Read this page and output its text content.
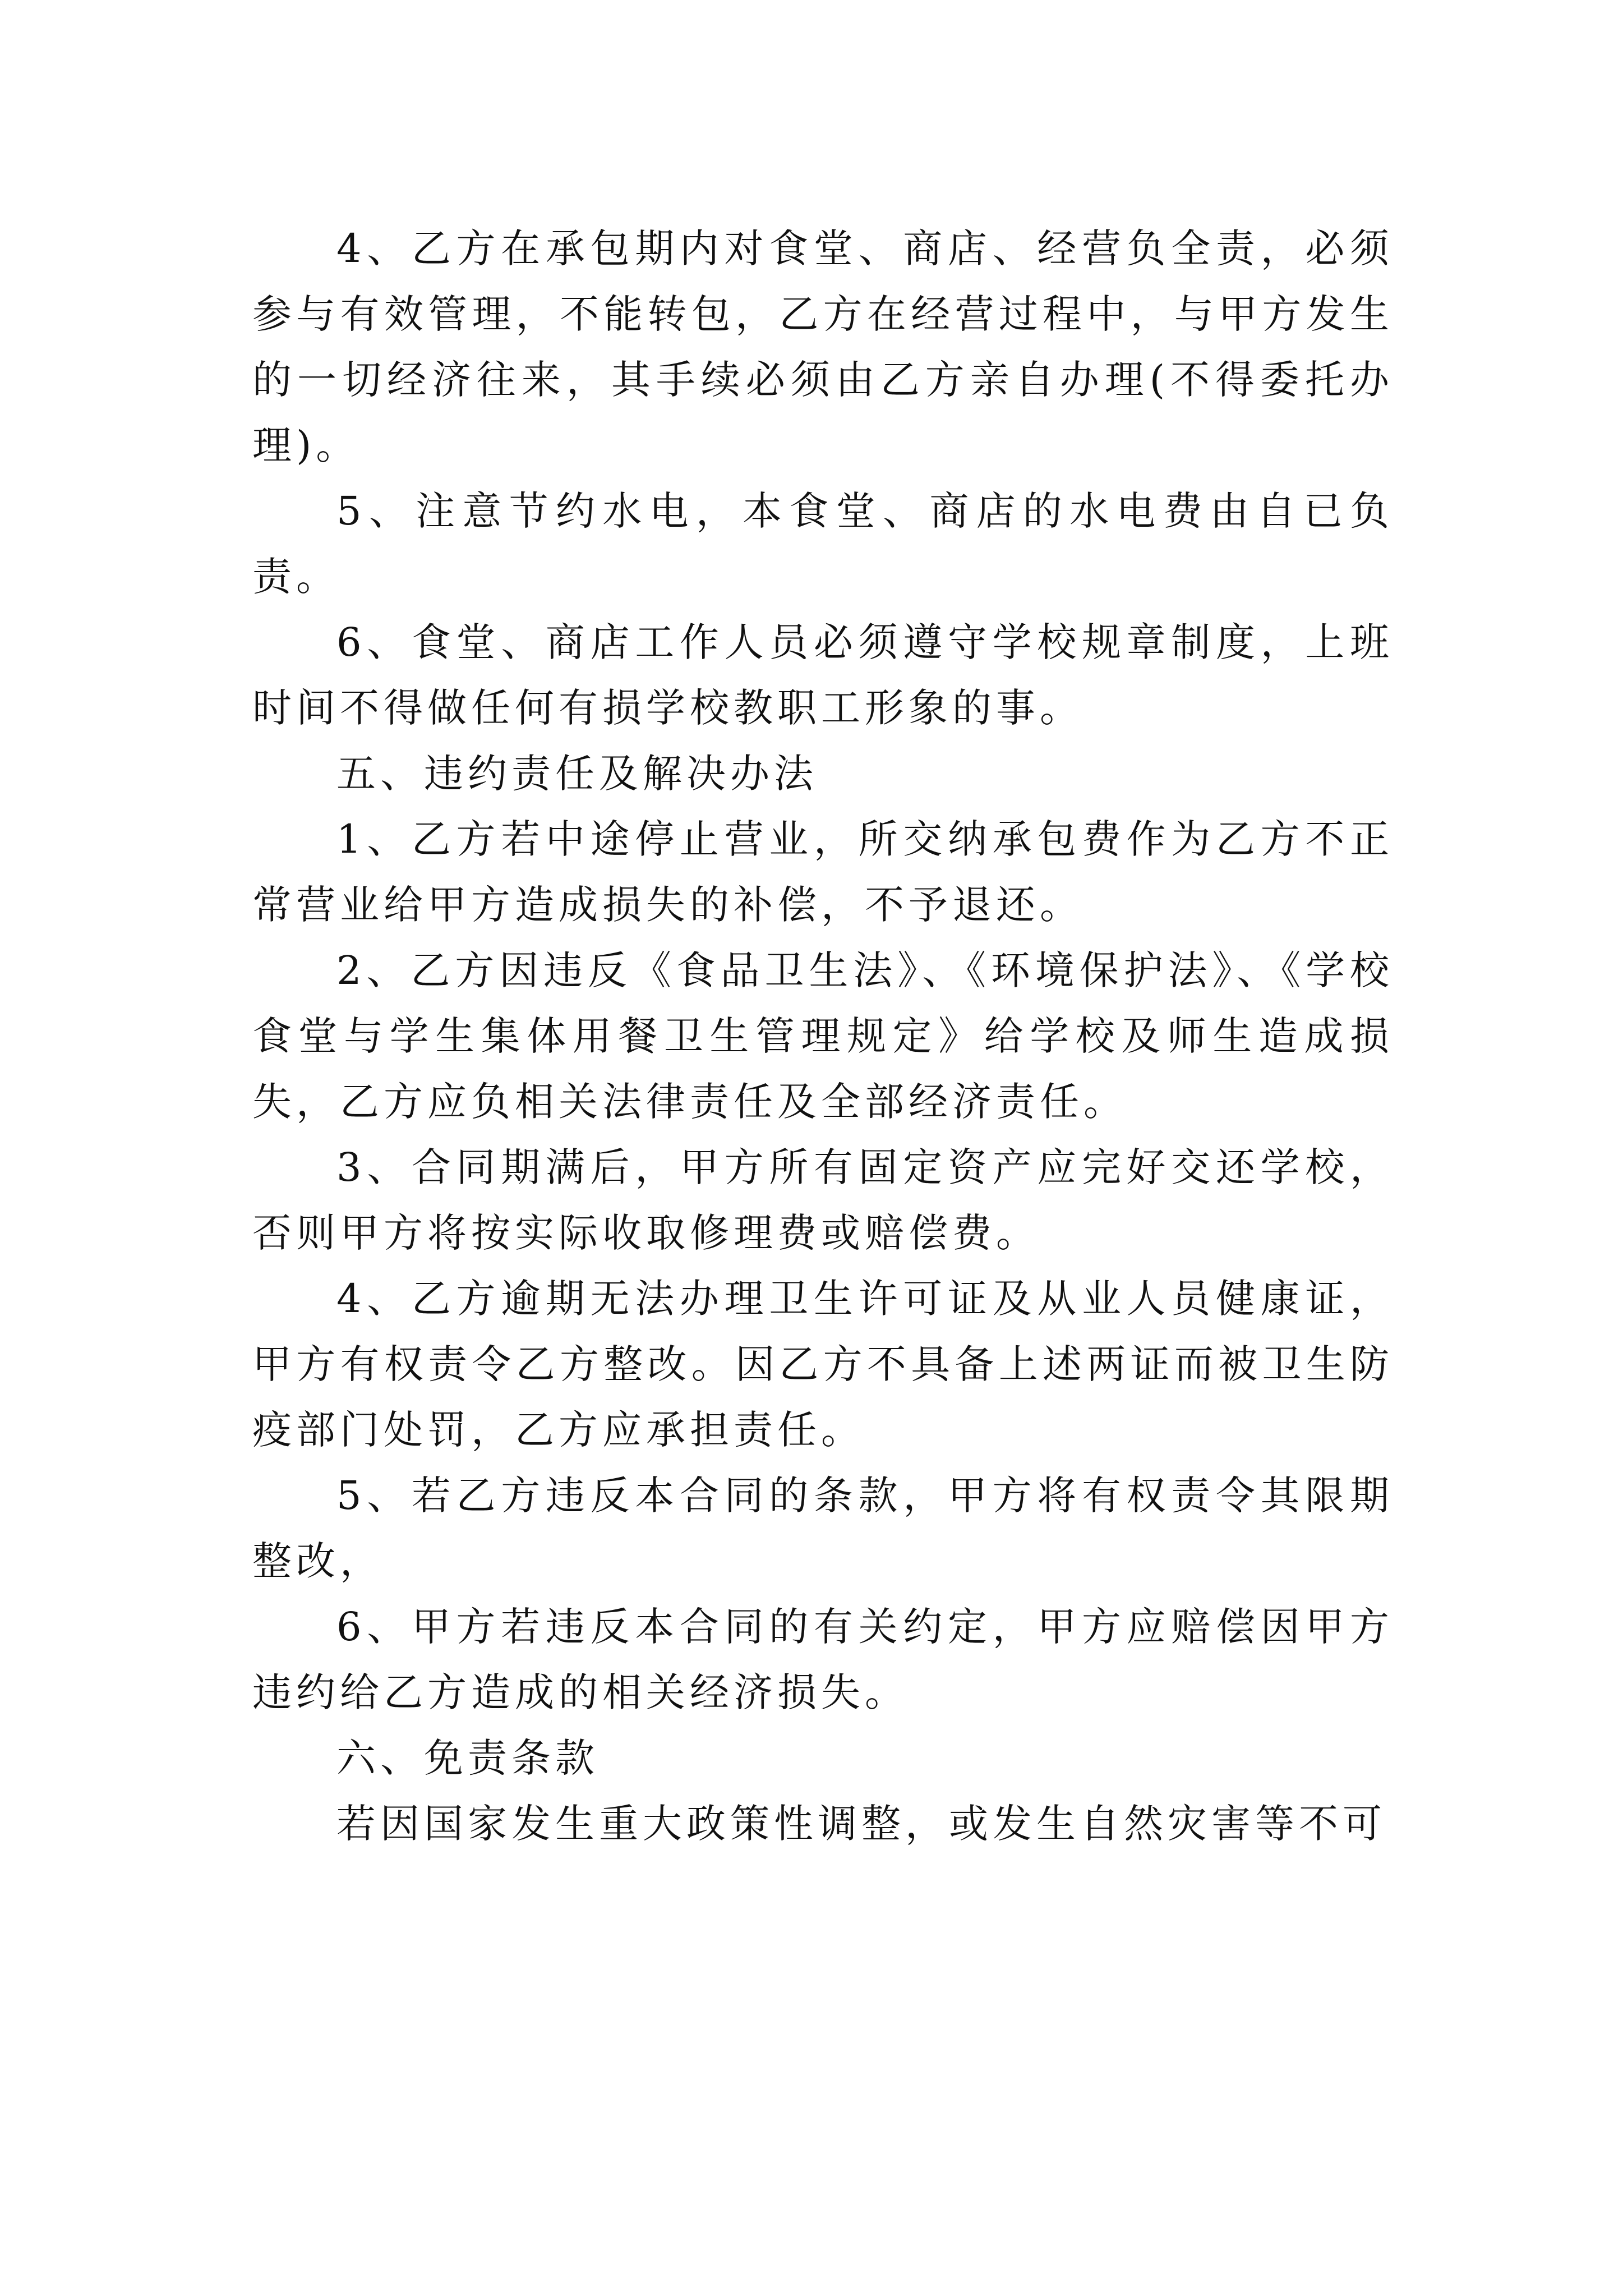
4、乙方在承包期内对食堂、商店、经营负全责，必须参与有效管理，不能转包，乙方在经营过程中，与甲方发生的一切经济往来，其手续必须由乙方亲自办理(不得委托办理)。

5、注意节约水电，本食堂、商店的水电费由自已负责。

6、食堂、商店工作人员必须遵守学校规章制度，上班时间不得做任何有损学校教职工形象的事。

五、违约责任及解决办法

1、乙方若中途停止营业，所交纳承包费作为乙方不正常营业给甲方造成损失的补偿，不予退还。

2、乙方因违反《食品卫生法》、《环境保护法》、《学校食堂与学生集体用餐卫生管理规定》给学校及师生造成损失，乙方应负相关法律责任及全部经济责任。

3、合同期满后，甲方所有固定资产应完好交还学校，否则甲方将按实际收取修理费或赔偿费。

4、乙方逾期无法办理卫生许可证及从业人员健康证，甲方有权责令乙方整改。因乙方不具备上述两证而被卫生防疫部门处罚，乙方应承担责任。

5、若乙方违反本合同的条款，甲方将有权责令其限期整改，

6、甲方若违反本合同的有关约定，甲方应赔偿因甲方违约给乙方造成的相关经济损失。

六、免责条款

若因国家发生重大政策性调整，或发生自然灾害等不可
